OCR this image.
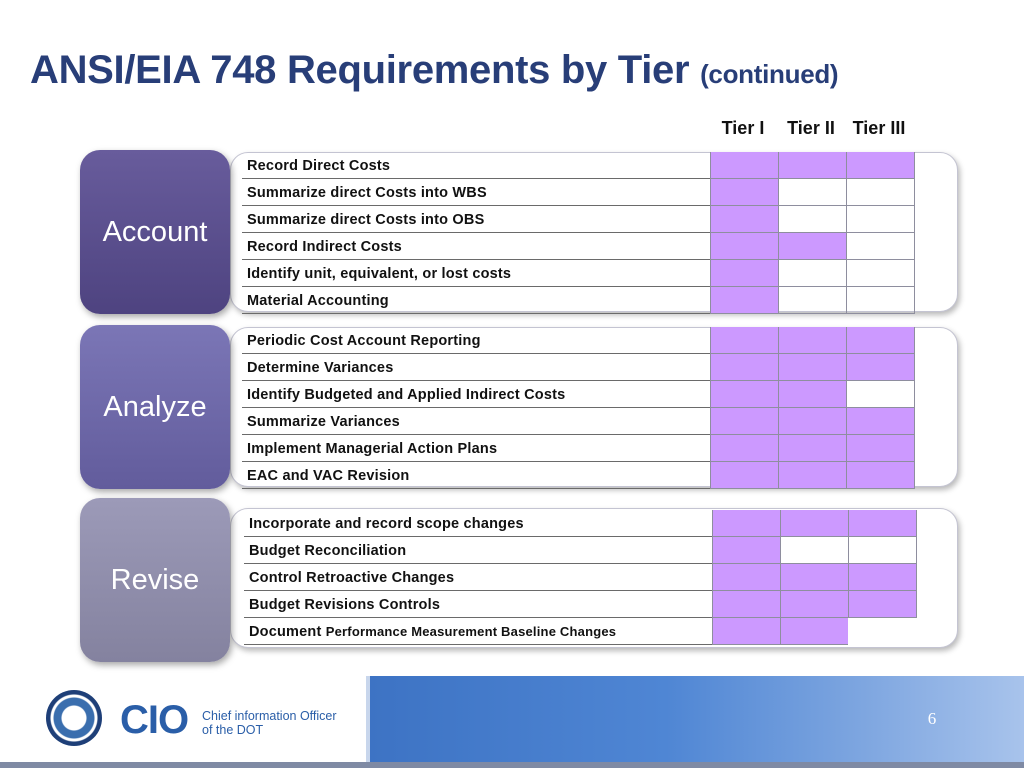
ANSI/EIA 748 Requirements by Tier (continued)
Tier I	Tier II Tier III
Account
Record Direct Costs
Summarize direct Costs into WBS
Summarize direct Costs into OBS
Record Indirect Costs
Identify unit, equivalent, or lost costs
Material Accounting
Analyze
Periodic Cost Account Reporting
Determine Variances
Identify Budgeted and Applied Indirect Costs
Summarize Variances
Implement Managerial Action Plans
EAC and VAC Revision
Revise
Incorporate and record scope changes
Budget Reconciliation
Control Retroactive Changes
Budget Revisions Controls
Document Performance Measurement Baseline Changes
CIO Chief information Officer
of the DOT
6
